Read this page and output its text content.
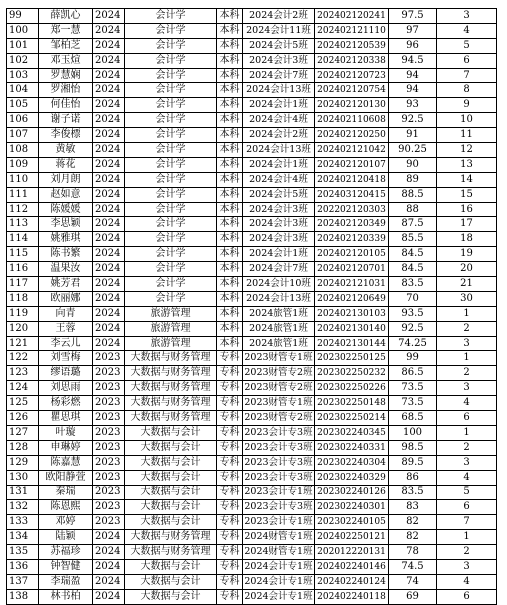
99	薛凯心	2024	会计学	本科	2024会计2班	202402120241	97.5	3
100	郑一慧	2024	会计学	本科	2024会计11班	202402121110	97	4
101	邹柏芝	2024	会计学	本科	2024会计5班	202402120539	96	5
102	邓玉煊	2024	会计学	本科	2024会计3班	202402120338	94.5	6
103	罗慧娴	2024	会计学	本科	2024会计7班	202402120723	94	7
104	罗湘怡	2024	会计学	本科	2024会计13班	202402120754	94	8
105	何佳怡	2024	会计学	本科	2024会计1班	202402120130	93	9
106	谢子诺	2024	会计学	本科	2024会计4班	202402110608	92.5	10
107	李俊標	2024	会计学	本科	2024会计2班	202402120250	91	11
108	黄敏	2024	会计学	本科	2024会计13班	202402121042	90.25	12
109	蒋花	2024	会计学	本科	2024会计1班	202402120107	90	13
110	刘月朗	2024	会计学	本科	2024会计4班	202402120418	89	14
111	赵如意	2024	会计学	本科	2024会计5班	202403120415	88.5	15
112	陈媛媛	2024	会计学	本科	2024会计3班	202202120303	88	16
113	李思颖	2024	会计学	本科	2024会计3班	202402120349	87.5	17
114	姚雅琪	2024	会计学	本科	2024会计3班	202402120339	85.5	18
115	陈书繁	2024	会计学	本科	2024会计1班	202402120105	84.5	19
116	温果汝	2024	会计学	本科	2024会计7班	202402120701	84.5	20
117	姚芳君	2024	会计学	本科	2024会计10班	202402121031	83.5	21
118	欧丽娜	2024	会计学	本科	2024会计13班	202402120649	70	30
119	向青	2024	旅游管理	本科	2024旅管1班	202402130103	93.5	1
120	王蓉	2024	旅游管理	本科	2024旅管1班	202402130140	92.5	2
121	李云儿	2024	旅游管理	本科	2024旅管1班	202402130144	74.25	3
122	刘雪梅	2023	大数据与财务管理	专科	2023财管专1班	202302250125	99	1
123	缪语璐	2023	大数据与财务管理	专科	2023财管专2班	202302250232	86.5	2
124	刘思雨	2023	大数据与财务管理	专科	2023财管专2班	202302250226	73.5	3
125	杨彩燃	2023	大数据与财务管理	专科	2023财管专1班	202302250148	73.5	4
126	瞿思琪	2023	大数据与财务管理	专科	2023财管专2班	202302250214	68.5	6
127	叶璇	2023	大数据与会计	专科	2023会计专3班	202302240345	100	1
128	申琳婷	2023	大数据与会计	专科	2023会计专3班	202302240331	98.5	2
129	陈嘉慧	2023	大数据与会计	专科	2023会计专3班	202302240304	89.5	3
130	欧阳静萱	2023	大数据与会计	专科	2023会计专3班	202302240329	86	4
131	秦瑞	2023	大数据与会计	专科	2023会计专1班	202302240126	83.5	5
132	陈恩熙	2023	大数据与会计	专科	2023会计专3班	202302240301	83	6
133	邓婷	2023	大数据与会计	专科	2023会计专1班	202302240105	82	7
134	陆颖	2024	大数据与财务管理	专科	2024财管专1班	202402250121	82	1
135	苏福珍	2024	大数据与财务管理	专科	2024财管专1班	202012220131	78	2
136	钟智健	2024	大数据与会计	专科	2024会计专1班	202402240146	74.5	3
137	李瑞盈	2024	大数据与会计	专科	2024会计专1班	202402240124	74	4
138	林书柏	2024	大数据与会计	专科	2024会计专1班	202402240118	69	6
